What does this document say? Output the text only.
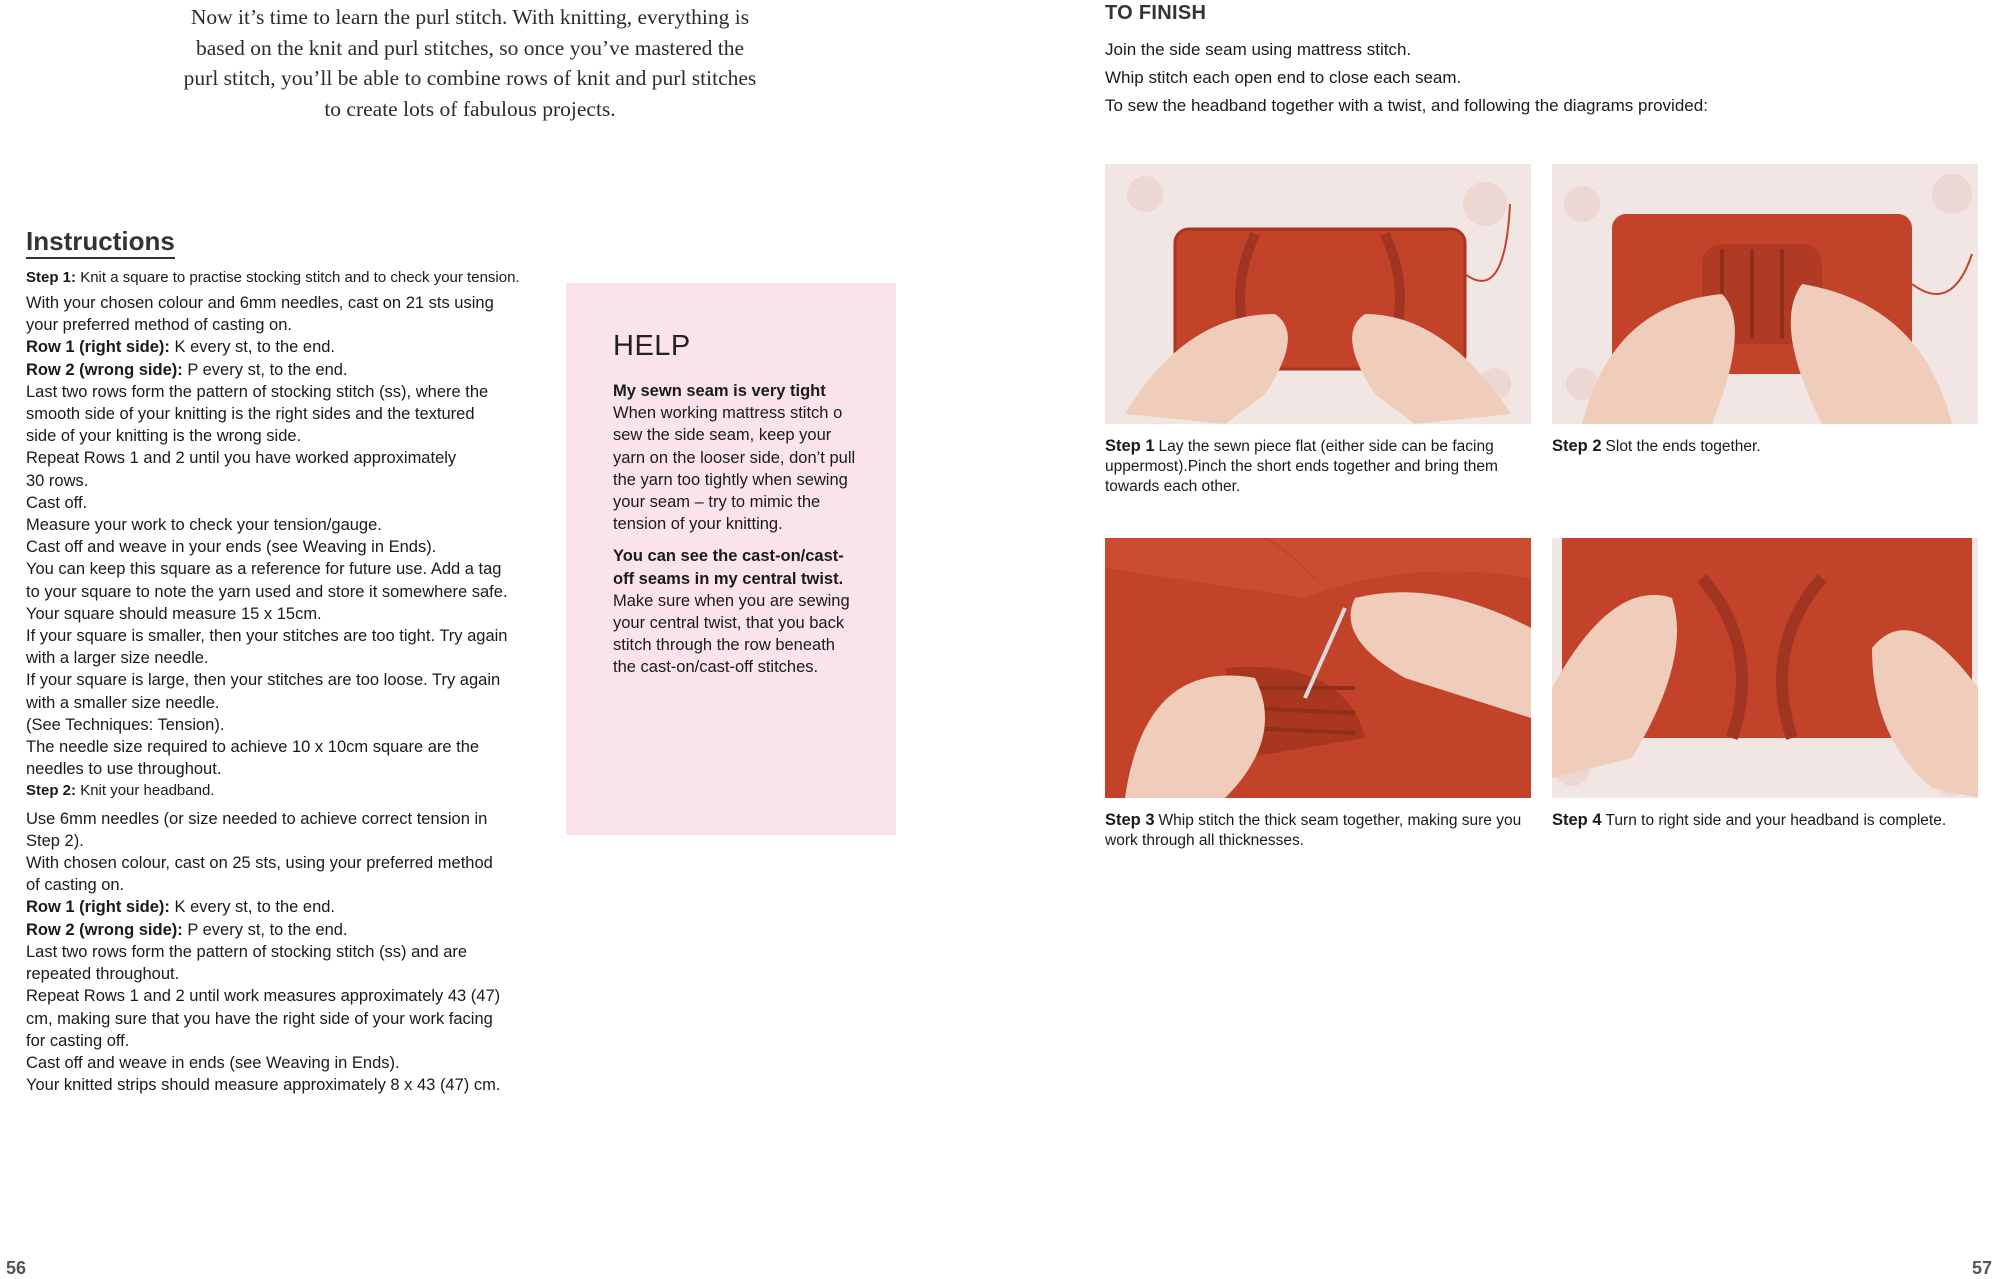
Now it’s time to learn the purl stitch. With knitting, everything is
based on the knit and purl stitches, so once you’ve mastered the
purl stitch, you’ll be able to combine rows of knit and purl stitches
to create lots of fabulous projects.
Instructions

Step 1: Knit a square to practise stocking stitch and to check your tension.

With your chosen colour and 6mm needles, cast on 21 sts using

your preferred method of casting on.

Row 1 (right side): K every st, to the end.

Row 2 (wrong side): P every st, to the end.

Last two rows form the pattern of stocking stitch (ss), where the

smooth side of your knitting is the right sides and the textured

side of your knitting is the wrong side.

Repeat Rows 1 and 2 until you have worked approximately

30 rows.

Cast off.

Measure your work to check your tension/gauge.

Cast off and weave in your ends (see Weaving in Ends).

You can keep this square as a reference for future use. Add a tag

to your square to note the yarn used and store it somewhere safe.

Your square should measure 15 x 15cm.

If your square is smaller, then your stitches are too tight. Try again

with a larger size needle.

If your square is large, then your stitches are too loose. Try again

with a smaller size needle.

(See Techniques: Tension).

The needle size required to achieve 10 x 10cm square are the

needles to use throughout.

Step 2: Knit your headband.

Use 6mm needles (or size needed to achieve correct tension in

Step 2).

With chosen colour, cast on 25 sts, using your preferred method

of casting on.

Row 1 (right side): K every st, to the end.

Row 2 (wrong side): P every st, to the end.

Last two rows form the pattern of stocking stitch (ss) and are

repeated throughout.

Repeat Rows 1 and 2 until work measures approximately 43 (47)

cm, making sure that you have the right side of your work facing

for casting off.

Cast off and weave in ends (see Weaving in Ends).

Your knitted strips should measure approximately 8 x 43 (47) cm.

HELP

My sewn seam is very tight

When working mattress stitch o sew the side seam, keep your yarn on the looser side, don’t pull the yarn too tightly when sewing your seam – try to mimic the tension of your knitting.

You can see the cast-on/cast-off seams in my central twist.

Make sure when you are sewing your central twist, that you back stitch through the row beneath the cast-on/cast-off stitches.

56
TO FINISH

Join the side seam using mattress stitch.

Whip stitch each open end to close each seam.

To sew the headband together with a twist, and following the diagrams provided:

Step 1 Lay the sewn piece flat (either side can be facing uppermost).Pinch the short ends together and bring them towards each other.
Step 2 Slot the ends together.
Step 3 Whip stitch the thick seam together, making sure you work through all thicknesses.
Step 4 Turn to right side and your headband is complete.
57
